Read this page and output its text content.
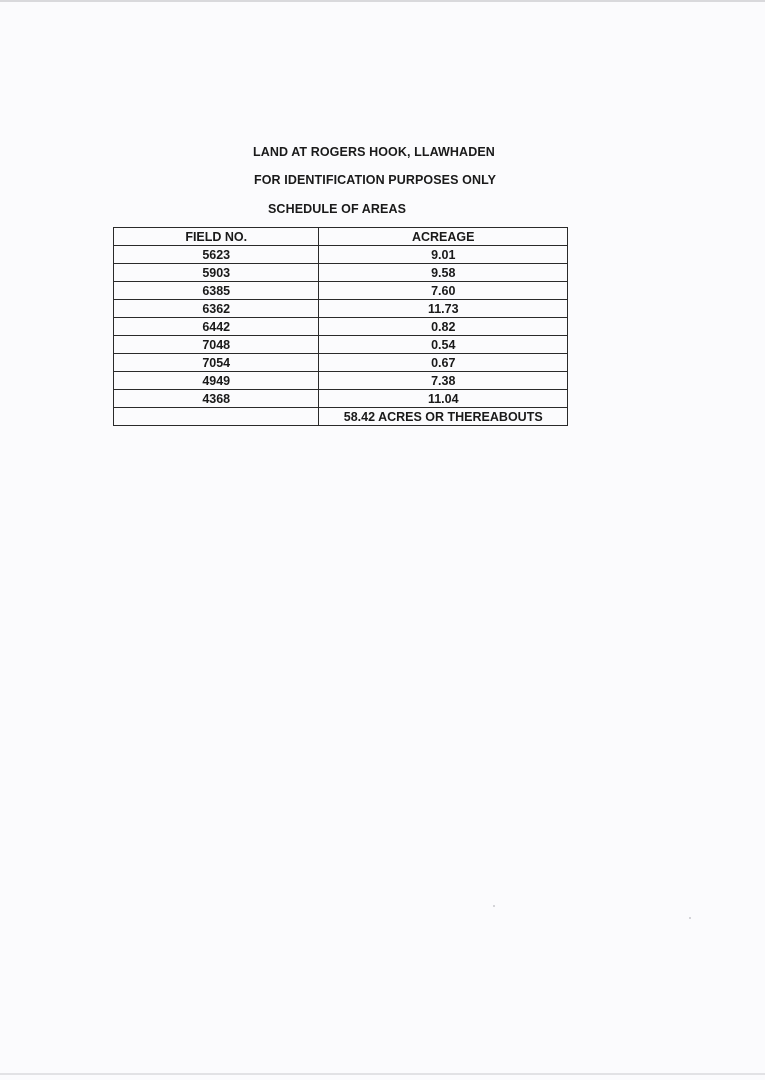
LAND AT ROGERS HOOK, LLAWHADEN
FOR IDENTIFICATION PURPOSES ONLY
SCHEDULE OF AREAS
FIELD NO.	ACREAGE
5623	9.01
5903	9.58
6385	7.60
6362	11.73
6442	0.82
7048	0.54
7054	0.67
4949	7.38
4368	11.04
	58.42 ACRES OR THEREABOUTS
